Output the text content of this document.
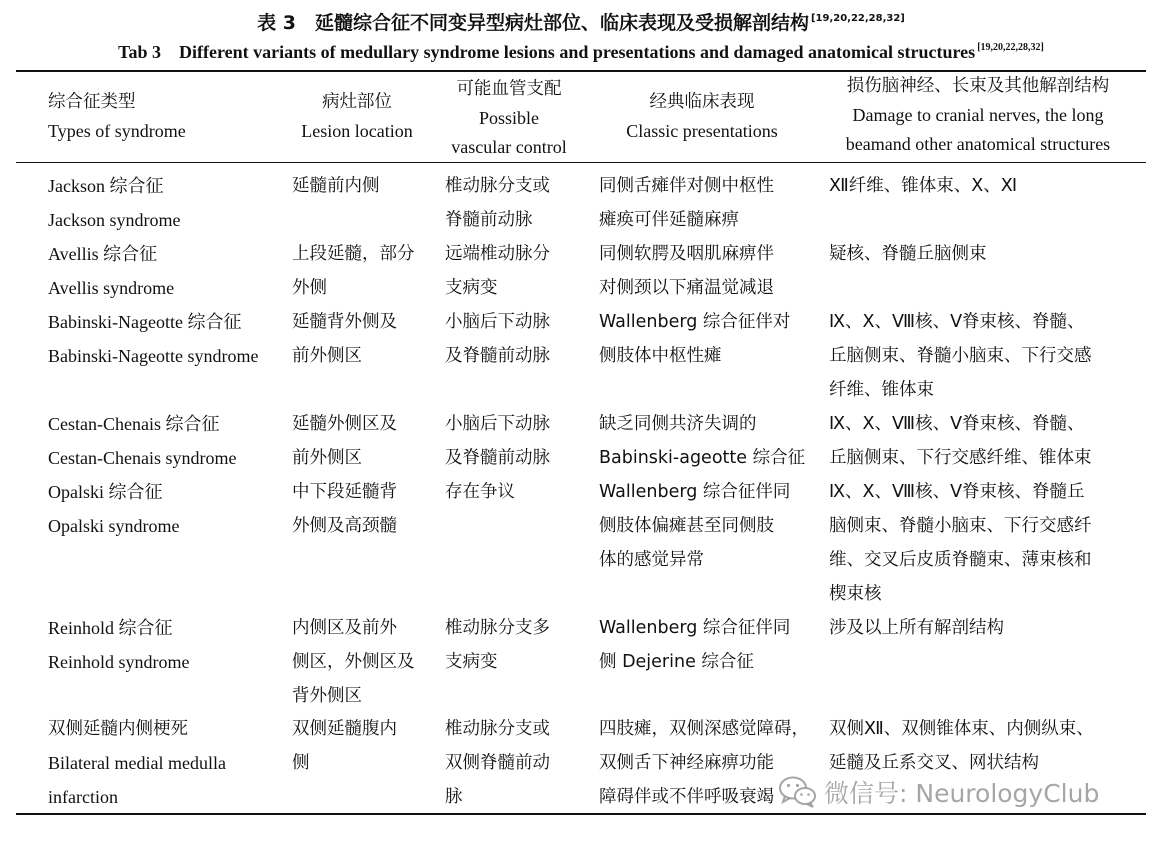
表 3　延髓综合征不同变异型病灶部位、临床表现及受损解剖结构 [19,20,22,28,32]
Tab 3　Different variants of medullary syndrome lesions and presentations and damaged anatomical structures [19,20,22,28,32]
综合征类型
Types of syndrome
病灶部位
Lesion location
可能血管支配
Possible
vascular control
经典临床表现
Classic presentations
损伤脑神经、长束及其他解剖结构
Damage to cranial nerves, the long
beamand other anatomical structures
Jackson 综合征
Jackson syndrome
延髓前内侧	椎动脉分支或
脊髓前动脉
同侧舌瘫伴对侧中枢性
瘫痪可伴延髓麻痹
Ⅻ纤维、锥体束、Ⅹ、Ⅺ
Avellis 综合征
Avellis syndrome
上段延髓，部分
外侧
远端椎动脉分
支病变
同侧软腭及咽肌麻痹伴
对侧颈以下痛温觉减退
疑核、脊髓丘脑侧束
Babinski-Nageotte 综合征
Babinski-Nageotte syndrome
延髓背外侧及
前外侧区
小脑后下动脉
及脊髓前动脉
Wallenberg 综合征伴对
侧肢体中枢性瘫
Ⅸ、Ⅹ、Ⅷ核、Ⅴ脊束核、脊髓、
丘脑侧束、脊髓小脑束、下行交感
纤维、锥体束
Cestan-Chenais 综合征
Cestan-Chenais syndrome
延髓外侧区及
前外侧区
小脑后下动脉
及脊髓前动脉
缺乏同侧共济失调的
Babinski-ageotte 综合征
Ⅸ、Ⅹ、Ⅷ核、Ⅴ脊束核、脊髓、
丘脑侧束、下行交感纤维、锥体束
Opalski 综合征
Opalski syndrome
中下段延髓背
外侧及高颈髓
存在争议	Wallenberg 综合征伴同
侧肢体偏瘫甚至同侧肢
体的感觉异常
Ⅸ、Ⅹ、Ⅷ核、Ⅴ脊束核、脊髓丘
脑侧束、脊髓小脑束、下行交感纤
维、交叉后皮质脊髓束、薄束核和
楔束核
Reinhold 综合征
Reinhold syndrome
内侧区及前外
侧区，外侧区及
背外侧区
椎动脉分支多
支病变
Wallenberg 综合征伴同
侧 Dejerine 综合征
涉及以上所有解剖结构
双侧延髓内侧梗死
Bilateral medial medulla
infarction
双侧延髓腹内
侧
椎动脉分支或
双侧脊髓前动
脉
四肢瘫，双侧深感觉障碍，
双侧舌下神经麻痹功能
障碍伴或不伴呼吸衰竭
双侧Ⅻ、双侧锥体束、内侧纵束、
延髓及丘系交叉、网状结构
微信号: NeurologyClub
